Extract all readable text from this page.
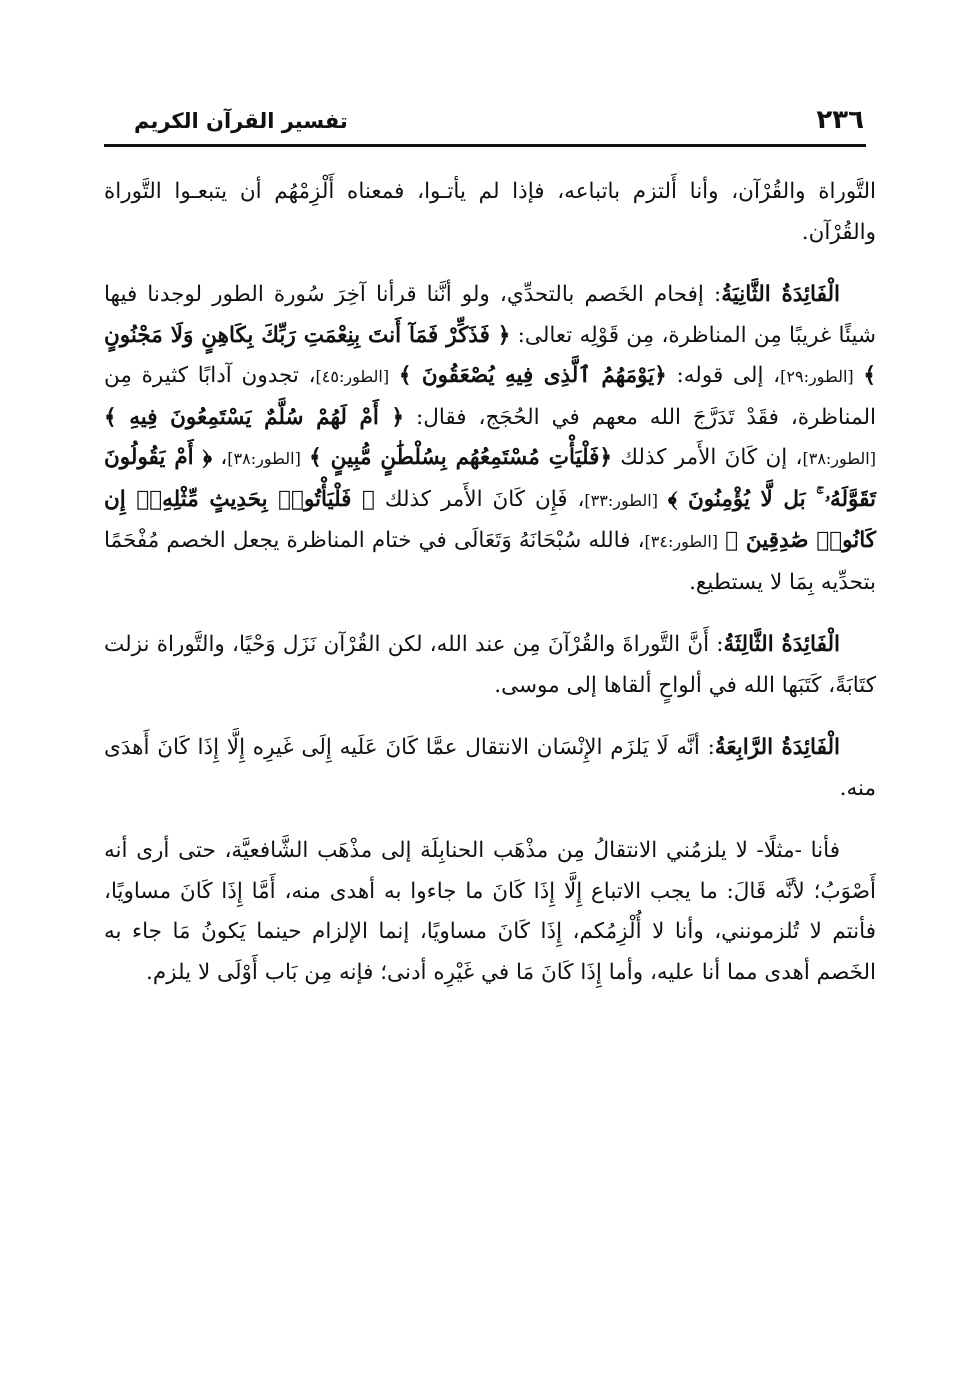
٢٣٦
تفسير القرآن الكريم

التَّوراة والقُرْآن، وأنا أَلتزم باتباعه، فإذا لم يأتـوا، فمعناه أَلْزِمْهُم أن يتبعـوا التَّوراة والقُرْآن.

الْفَائِدَةُ الثَّانِيَةُ: إفحام الخَصم بالتحدِّي، ولو أنَّنا قرأنا آخِرَ سُورة الطور لوجدنا فيها شيئًا غريبًا مِن المناظرة، مِن قَوْلِه تعالى: ﴿ فَذَكِّرْ فَمَآ أَنتَ بِنِعْمَتِ رَبِّكَ بِكَاهِنٍ وَلَا مَجْنُونٍ ﴾ [الطور:٢٩]، إلى قوله: ﴿يَوْمَهُمُ ٱلَّذِى فِيهِ يُصْعَقُونَ ﴾ [الطور:٤٥]، تجدون آدابًا كثيرة مِن المناظرة، فقَدْ تَدَرَّجَ الله معهم في الحُجَج، فقال: ﴿ أَمْ لَهُمْ سُلَّمٌ يَسْتَمِعُونَ فِيهِ ﴾ [الطور:٣٨]، إن كَانَ الأَمر كذلك ﴿فَلْيَأْتِ مُسْتَمِعُهُم بِسُلْطَٰنٍ مُّبِينٍ ﴾ [الطور:٣٨]، ﴿ أَمْ يَقُولُونَ تَقَوَّلَهُۥ ۚ بَل لَّا يُؤْمِنُونَ ﴾ [الطور:٣٣]، فَإِن كَانَ الأَمر كذلك ﴿ فَلْيَأْتُوا۟ بِحَدِيثٍ مِّثْلِهِۦٓ إِن كَانُوا۟ صَٰدِقِينَ ﴾ [الطور:٣٤]، فالله سُبْحَانَهُ وَتَعَالَى في ختام المناظرة يجعل الخصم مُفْحَمًا بتحدِّيه بِمَا لا يستطيع.

الْفَائِدَةُ الثَّالِثَةُ: أَنَّ التَّوراةَ والقُرْآنَ مِن عند الله، لكن القُرْآن نَزَل وَحْيًا، والتَّوراة نزلت كتَابَةً، كَتَبَها الله في ألواحٍ ألقاها إلى موسى.

الْفَائِدَةُ الرَّابِعَةُ: أنَّه لَا يَلزَم الإِنْسَان الانتقال عمَّا كَانَ عَلَيه إِلَى غَيرِه إِلَّا إِذَا كَانَ أَهدَى منه.

فأنا -مثلًا- لا يلزمُني الانتقالُ مِن مذْهَب الحنابِلَة إلى مذْهَب الشَّافعيَّة، حتى أرى أنه أَصْوَبُ؛ لأنَّه قَالَ: ما يجب الاتباع إِلَّا إِذَا كَانَ ما جاءوا به أهدى منه، أَمَّا إِذَا كَانَ مساويًا، فأنتم لا تُلزمونني، وأنا لا أُلْزِمُكم، إِذَا كَانَ مساويًا، إنما الإلزام حينما يَكونُ مَا جاء به الخَصم أهدى مما أنا عليه، وأما إِذَا كَانَ مَا في غَيْرِه أدنى؛ فإنه مِن بَاب أَوْلَى لا يلزم.
